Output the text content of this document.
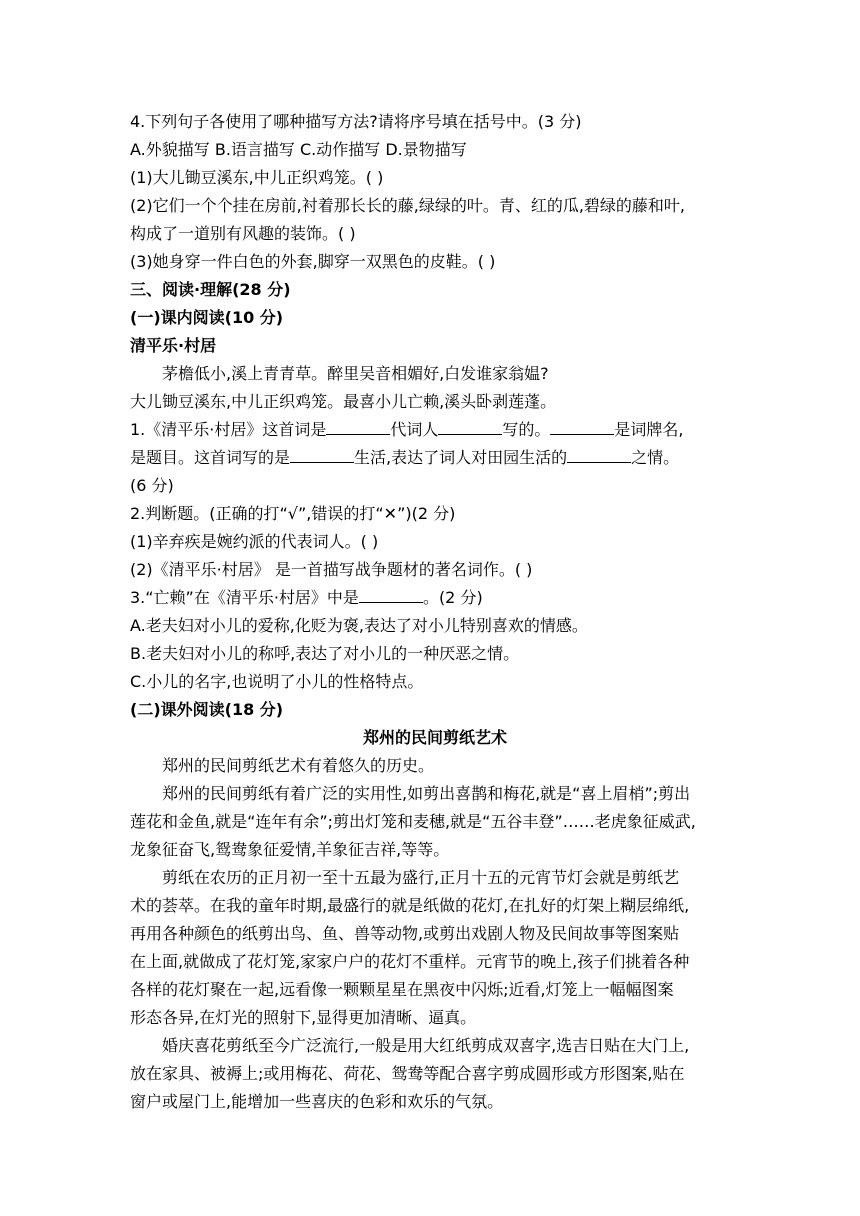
4.下列句子各使用了哪种描写方法?请将序号填在括号中。(3 分)
A.外貌描写 B.语言描写 C.动作描写 D.景物描写
(1)大儿锄豆溪东,中儿正织鸡笼。( )
(2)它们一个个挂在房前,衬着那长长的藤,绿绿的叶。青、红的瓜,碧绿的藤和叶,
构成了一道别有风趣的装饰。( )
(3)她身穿一件白色的外套,脚穿一双黑色的皮鞋。( )
三、阅读·理解(28 分)
(一)课内阅读(10 分)
清平乐·村居
茅檐低小,溪上青青草。醉里吴音相媚好,白发谁家翁媪?
大儿锄豆溪东,中儿正织鸡笼。最喜小儿亡赖,溪头卧剥莲蓬。
1.《清平乐·村居》这首词是	代词人	写的。	是词牌名,
是题目。这首词写的是	生活,表达了词人对田园生活的	之情。
(6 分)
2.判断题。(正确的打“√”,错误的打“✕”)(2 分)
(1)辛弃疾是婉约派的代表词人。( )
(2)《清平乐·村居》 是一首描写战争题材的著名词作。( )
3.“亡赖”在《清平乐·村居》中是	。(2 分)
A.老夫妇对小儿的爱称,化贬为褒,表达了对小儿特别喜欢的情感。
B.老夫妇对小儿的称呼,表达了对小儿的一种厌恶之情。
C.小儿的名字,也说明了小儿的性格特点。
(二)课外阅读(18 分)
郑州的民间剪纸艺术
郑州的民间剪纸艺术有着悠久的历史。
郑州的民间剪纸有着广泛的实用性,如剪出喜鹊和梅花,就是“喜上眉梢”;剪出
莲花和金鱼,就是“连年有余”;剪出灯笼和麦穗,就是“五谷丰登”……老虎象征威武,
龙象征奋飞,鸳鸯象征爱情,羊象征吉祥,等等。
剪纸在农历的正月初一至十五最为盛行,正月十五的元宵节灯会就是剪纸艺
术的荟萃。在我的童年时期,最盛行的就是纸做的花灯,在扎好的灯架上糊层绵纸,
再用各种颜色的纸剪出鸟、鱼、兽等动物,或剪出戏剧人物及民间故事等图案贴
在上面,就做成了花灯笼,家家户户的花灯不重样。元宵节的晚上,孩子们挑着各种
各样的花灯聚在一起,远看像一颗颗星星在黑夜中闪烁;近看,灯笼上一幅幅图案
形态各异,在灯光的照射下,显得更加清晰、逼真。
婚庆喜花剪纸至今广泛流行,一般是用大红纸剪成双喜字,选吉日贴在大门上,
放在家具、被褥上;或用梅花、荷花、鸳鸯等配合喜字剪成圆形或方形图案,贴在
窗户或屋门上,能增加一些喜庆的色彩和欢乐的气氛。
